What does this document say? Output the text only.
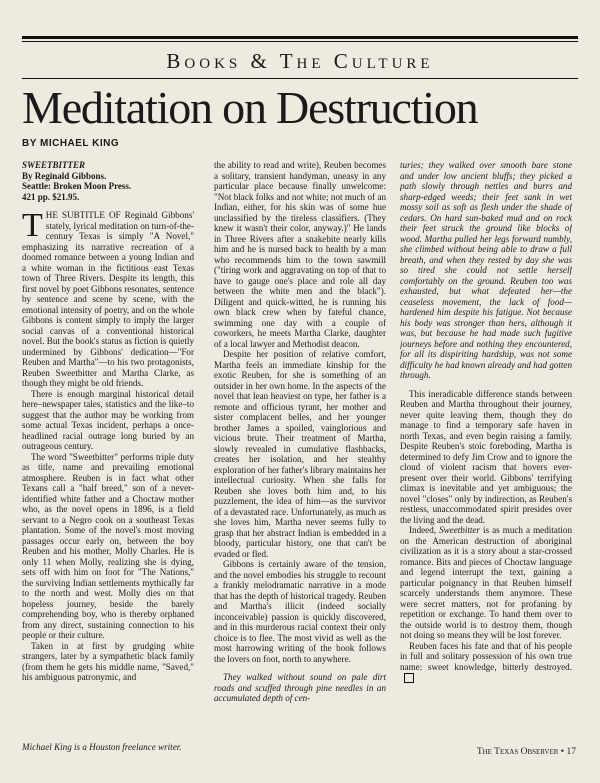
Books & The Culture
Meditation on Destruction
BY MICHAEL KING

SWEETBITTER
By Reginald Gibbons.
Seattle: Broken Moon Press.
421 pp. $21.95.

THE SUBTITLE OF Reginald Gibbons' stately, lyrical meditation on turn-of-the-century Texas is simply "A Novel," emphasizing its narrative recreation of a doomed romance between a young Indian and a white woman in the fictitious east Texas town of Three Rivers. Despite its length, this first novel by poet Gibbons resonates, sentence by sentence and scene by scene, with the emotional intensity of poetry, and on the whole Gibbons is content simply to imply the larger social canvas of a conventional historical novel. But the book's status as fiction is quietly undermined by Gibbons' dedication—"For Reuben and Martha"—to his two protagonists, Reuben Sweetbitter and Martha Clarke, as though they might be old friends.

There is enough marginal historical detail here–newspaper tales, statistics and the like–to suggest that the author may be working from some actual Texas incident, perhaps a once-headlined racial outrage long buried by an outrageous century.

The word "Sweetbitter" performs triple duty as title, name and prevailing emotional atmosphere. Reuben is in fact what other Texans call a "half breed," son of a never-identified white father and a Choctaw mother who, as the novel opens in 1896, is a field servant to a Negro cook on a southeast Texas plantation. Some of the novel's most moving passages occur early on, between the boy Reuben and his mother, Molly Charles. He is only 11 when Molly, realizing she is dying, sets off with him on foot for "The Nations," the surviving Indian settlements mythically far to the north and west. Molly dies on that hopeless journey, beside the barely comprehending boy, who is thereby orphaned from any direct, sustaining connection to his people or their culture.

Taken in at first by grudging white strangers, later by a sympathetic black family (from them he gets his middle name, "Saved," his ambiguous patronymic, and

the ability to read and write), Reuben becomes a solitary, transient handyman, uneasy in any particular place because finally unwelcome: "Not black folks and not white; not much of an Indian, either, for his skin was of some hue unclassified by the tireless classifiers. (They knew it wasn't their color, anyway.)" He lands in Three Rivers after a snakebite nearly kills him and he is nursed back to health by a man who recommends him to the town sawmill ("tiring work and aggravating on top of that to have to gauge one's place and role all day between the white men and the black"). Diligent and quick-witted, he is running his own black crew when by fateful chance, swimming one day with a couple of coworkers, he meets Martha Clarke, daughter of a local lawyer and Methodist deacon.

Despite her position of relative comfort, Martha feels an immediate kinship for the exotic Reuben, for she is something of an outsider in her own home. In the aspects of the novel that lean heaviest on type, her father is a remote and officious tyrant, her mother and sister complacent belles, and her younger brother James a spoiled, vainglorious and vicious brute. Their treatment of Martha, slowly revealed in cumulative flashbacks, creates her isolation, and her stealthy exploration of her father's library maintains her intellectual curiosity. When she falls for Reuben she loves both him and, to his puzzlement, the idea of him—as the survivor of a devastated race. Unfortunately, as much as she loves him, Martha never seems fully to grasp that her abstract Indian is embedded in a bloody, particular history, one that can't be evaded or fled.

Gibbons is certainly aware of the tension, and the novel embodies his struggle to recount a frankly melodramatic narrative in a mode that has the depth of historical tragedy. Reuben and Martha's illicit (indeed socially inconceivable) passion is quickly discovered, and in this murderous racial context their only choice is to flee. The most vivid as well as the most harrowing writing of the book follows the lovers on foot, north to anywhere.

They walked without sound on pale dirt roads and scuffed through pine needles in an accumulated depth of cen-

turies; they walked over smooth bare stone and under low ancient bluffs; they picked a path slowly through nettles and burrs and sharp-edged weeds; their feet sank in wet mossy soil as soft as flesh under the shade of cedars. On hard sun-baked mud and on rock their feet struck the ground like blocks of wood. Martha pulled her legs forward numbly, she climbed without being able to draw a full breath, and when they rested by day she was so tired she could not settle herself comfortably on the ground. Reuben too was exhausted, but what defeated her—the ceaseless movement, the lack of food—hardened him despite his fatigue. Not because his body was stronger than hers, although it was, but because he had made such fugitive journeys before and nothing they encountered, for all its dispiriting hardship, was not some difficulty he had known already and had gotten through.

This ineradicable difference stands between Reuben and Martha throughout their journey, never quite leaving them, though they do manage to find a temporary safe haven in north Texas, and even begin raising a family. Despite Reuben's stoic foreboding, Martha is determined to defy Jim Crow and to ignore the cloud of violent racism that hovers ever-present over their world. Gibbons' terrifying climax is inevitable and yet ambiguous; the novel "closes" only by indirection, as Reuben's restless, unaccommodated spirit presides over the living and the dead.

Indeed, Sweetbitter is as much a meditation on the American destruction of aboriginal civilization as it is a story about a star-crossed romance. Bits and pieces of Choctaw language and legend interrupt the text, gaining a particular poignancy in that Reuben himself scarcely understands them anymore. These were secret matters, not for profaning by repetition or exchange. To hand them over to the outside world is to destroy them, though not doing so means they will be lost forever.

Reuben faces his fate and that of his people in full and solitary possession of his own true name: sweet knowledge, bitterly destroyed.

Michael King is a Houston freelance writer.	The Texas Observer • 17
